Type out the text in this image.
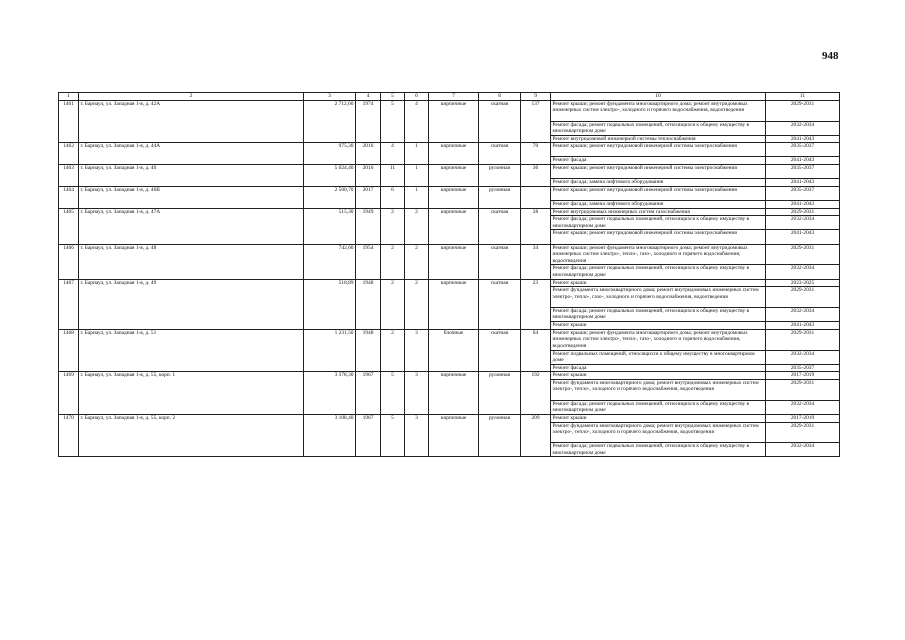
948
1	2	3	4	5	6	7	8	9	10	11
1461	г. Барнаул, ул. Западная 1-я, д. 42А	2 712,60	1974	5	4	кирпичные	скатная	137	Ремонт крыши; ремонт фундамента многоквартирного дома; ремонт внутридомовых инженерных систем электро-, холодного и горячего водоснабжения, водоотведения	2029-2031
									Ремонт фасада; ремонт подвальных помещений, относящихся к общему имуществу в многоквартирном доме	2032-2034
									Ремонт внутридомовой инженерной системы теплоснабжения	2041-2043
1462	г. Барнаул, ул. Западная 1-я, д. 44А	975,30	2016	4	1	кирпичные	скатная	70	Ремонт крыши; ремонт внутридомовой инженерной системы электроснабжения	2035-2037
									Ремонт фасада	2041-2043
1463	г. Барнаул, ул. Западная 1-я, д. 46	5 024,40	2016	11	1	кирпичные	рулонная	36	Ремонт крыши; ремонт внутридомовой инженерной системы электроснабжения	2035-2037
									Ремонт фасада; замена лифтового оборудования	2041-2043
1464	г. Барнаул, ул. Западная 1-я, д. 46В	2 500,70	2017	6	1	кирпичные	рулонная		Ремонт крыши; ремонт внутридомовой инженерной системы электроснабжения	2035-2037
									Ремонт фасада; замена лифтового оборудования	2041-2043
1465	г. Барнаул, ул. Западная 1-я, д. 47А	515,30	1949	2	2	кирпичные	скатная	28	Ремонт внутридомовых инженерных систем газоснабжения	2029-2031
									Ремонт фасада; ремонт подвальных помещений, относящихся к общему имуществу в многоквартирном доме	2032-2034
									Ремонт крыши; ремонт внутридомовой инженерной системы электроснабжения	2041-2043
1466	г. Барнаул, ул. Западная 1-я, д. 48	742,60	1954	2	2	кирпичные	скатная	34	Ремонт крыши; ремонт фундамента многоквартирного дома; ремонт внутридомовых инженерных систем электро-, тепло-, газо-, холодного и горячего водоснабжения, водоотведения	2029-2031
									Ремонт фасада; ремонт подвальных помещений, относящихся к общему имуществу в многоквартирном доме	2032-2034
1467	г. Барнаул, ул. Западная 1-я, д. 49	518,89	1948	2	2	кирпичные	скатная	23	Ремонт крыши	2023-2025
									Ремонт фундамента многоквартирного дома; ремонт внутридомовых инженерных систем электро-, тепло-, газо-, холодного и горячего водоснабжения, водоотведения	2029-2031
									Ремонт фасада; ремонт подвальных помещений, относящихся к общему имуществу в многоквартирном доме	2032-2034
									Ремонт крыши	2041-2043
1468	г. Барнаул, ул. Западная 1-я, д. 51	1 231,50	1948	2	3	блочные	скатная	64	Ремонт крыши; ремонт фундамента многоквартирного дома; ремонт внутридомовых инженерных систем электро-, тепло-, газо-, холодного и горячего водоснабжения, водоотведения	2029-2031
									Ремонт подвальных помещений, относящихся к общему имуществу в многоквартирном доме	2032-2034
									Ремонт фасада	2035-2037
1469	г. Барнаул, ул. Западная 1-я, д. 55, корп. 1	3 378,30	1967	5	3	кирпичные	рулонная	192	Ремонт крыши	2017-2019
									Ремонт фундамента многоквартирного дома; ремонт внутридомовых инженерных систем электро-, тепло-, холодного и горячего водоснабжения, водоотведения	2029-2031
									Ремонт фасада; ремонт подвальных помещений, относящихся к общему имуществу в многоквартирном доме	2032-2034
1470	г. Барнаул, ул. Западная 1-я, д. 55, корп. 2	3 108,40	1967	5	3	кирпичные	рулонная	209	Ремонт крыши	2017-2019
									Ремонт фундамента многоквартирного дома; ремонт внутридомовых инженерных систем электро-, тепло-, холодного и горячего водоснабжения, водоотведения	2029-2031
									Ремонт фасада; ремонт подвальных помещений, относящихся к общему имуществу в многоквартирном доме	2032-2034
